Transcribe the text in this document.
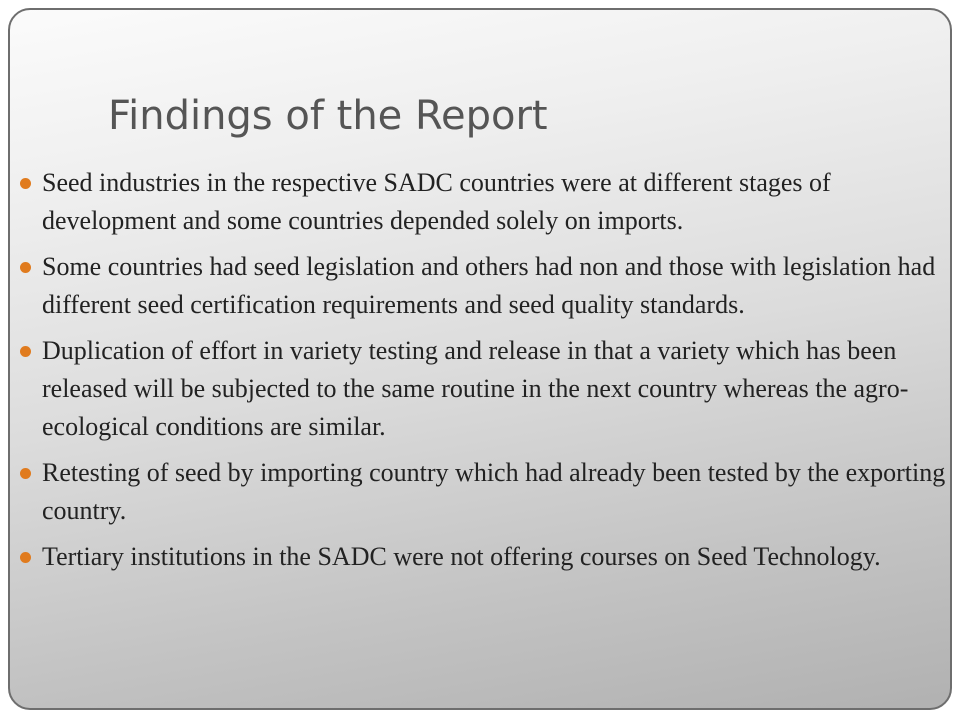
Findings of the Report
Seed industries in the respective SADC countries were at different stages of development and some countries depended solely on imports.
Some countries had seed legislation and others had non and those with legislation had different seed certification requirements and seed quality standards.
Duplication of effort in variety testing and release in that a variety which has been released will be subjected to the same routine in the next country whereas the agro-ecological conditions are similar.
Retesting of seed by importing country which had already been tested by the exporting country.
Tertiary institutions in the SADC were not offering courses on Seed Technology.
